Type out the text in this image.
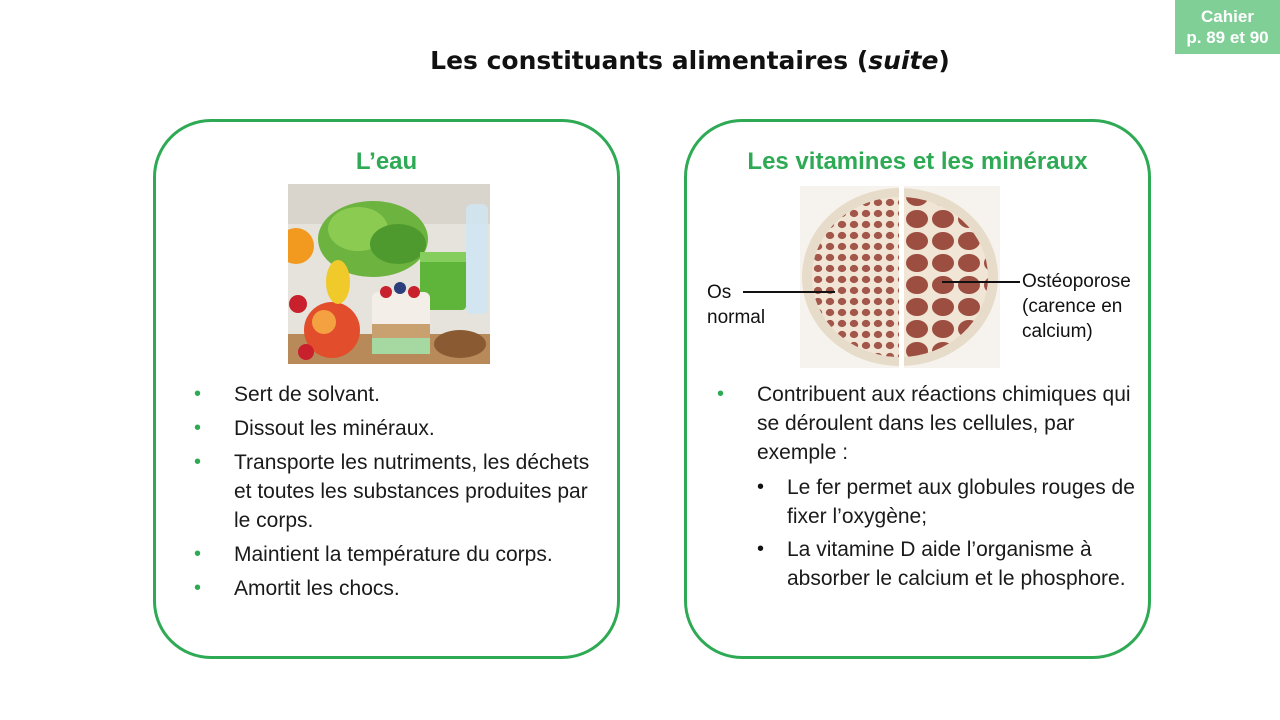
Cahier
p. 89 et 90
Les constituants alimentaires (suite)
L’eau
• Sert de solvant.
• Dissout les minéraux.
• Transporte les nutriments, les déchets et toutes les substances produites par le corps.
• Maintient la température du corps.
• Amortit les chocs.
Les vitamines et les minéraux
Os
normal
Ostéoporose
(carence en
calcium)
• Contribuent aux réactions chimiques qui se déroulent dans les cellules, par exemple :
• Le fer permet aux globules rouges de fixer l’oxygène;
• La vitamine D aide l’organisme à absorber le calcium et le phosphore.
